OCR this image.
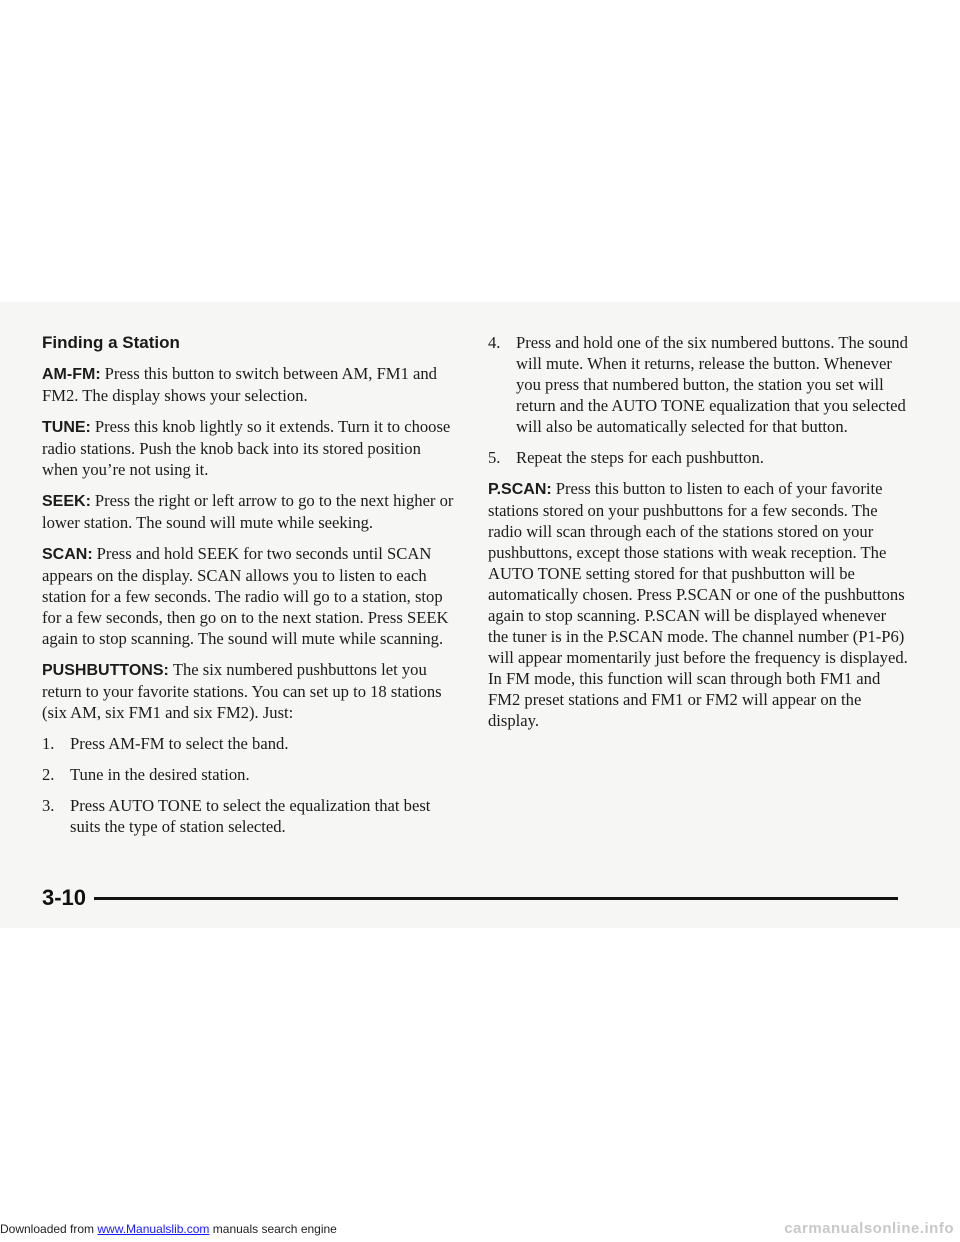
Finding a Station

AM-FM: Press this button to switch between AM, FM1 and FM2. The display shows your selection.

TUNE: Press this knob lightly so it extends. Turn it to choose radio stations. Push the knob back into its stored position when you’re not using it.

SEEK: Press the right or left arrow to go to the next higher or lower station. The sound will mute while seeking.

SCAN: Press and hold SEEK for two seconds until SCAN appears on the display. SCAN allows you to listen to each station for a few seconds. The radio will go to a station, stop for a few seconds, then go on to the next station. Press SEEK again to stop scanning. The sound will mute while scanning.

PUSHBUTTONS: The six numbered pushbuttons let you return to your favorite stations. You can set up to 18 stations (six AM, six FM1 and six FM2). Just:

1. Press AM-FM to select the band.
2. Tune in the desired station.
3. Press AUTO TONE to select the equalization that best suits the type of station selected.
4. Press and hold one of the six numbered buttons. The sound will mute. When it returns, release the button. Whenever you press that numbered button, the station you set will return and the AUTO TONE equalization that you selected will also be automatically selected for that button.
5. Repeat the steps for each pushbutton.

P.SCAN: Press this button to listen to each of your favorite stations stored on your pushbuttons for a few seconds. The radio will scan through each of the stations stored on your pushbuttons, except those stations with weak reception. The AUTO TONE setting stored for that pushbutton will be automatically chosen. Press P.SCAN or one of the pushbuttons again to stop scanning. P.SCAN will be displayed whenever the tuner is in the P.SCAN mode. The channel number (P1-P6) will appear momentarily just before the frequency is displayed. In FM mode, this function will scan through both FM1 and FM2 preset stations and FM1 or FM2 will appear on the display.

3-10
Downloaded from www.Manualslib.com manuals search engine	carmanualsonline.info
